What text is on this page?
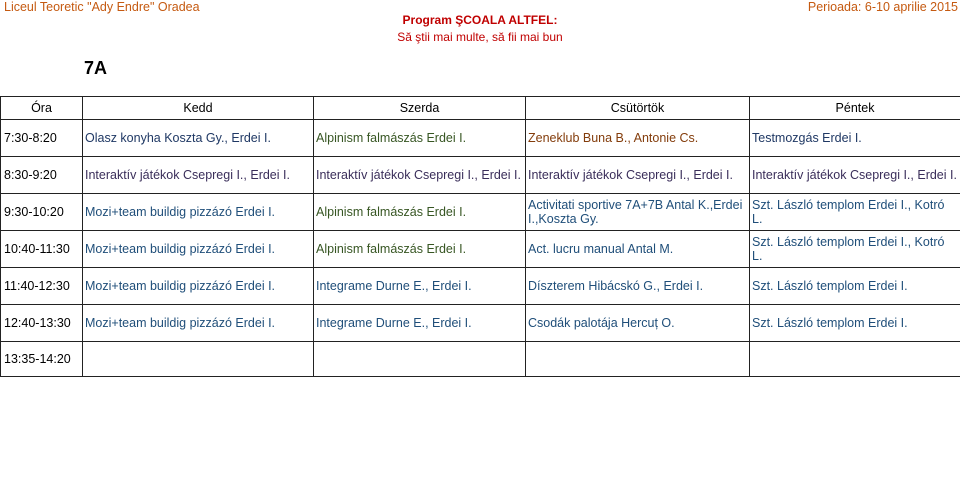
Liceul Teoretic "Ady Endre" Oradea
Program ŞCOALA ALTFEL:
Să ştii mai multe, să fii mai bun
Perioada: 6-10 aprilie 2015
7A
Óra	Kedd	Szerda	Csütörtök	Péntek
7:30-8:20	Olasz konyha Koszta Gy., Erdei I.	Alpinism falmászás Erdei I.	Zeneklub Buna B., Antonie Cs.	Testmozgás Erdei I.
8:30-9:20	Interaktív játékok Csepregi I., Erdei I.	Interaktív játékok Csepregi I., Erdei I.	Interaktív játékok Csepregi I., Erdei I.	Interaktív játékok Csepregi I., Erdei I.
9:30-10:20	Mozi+team buildig pizzázó Erdei I.	Alpinism falmászás Erdei I.	Activitati sportive 7A+7B Antal K.,Erdei I.,Koszta Gy.	Szt. László templom Erdei I., Kotró L.
10:40-11:30	Mozi+team buildig pizzázó Erdei I.	Alpinism falmászás Erdei I.	Act. lucru manual Antal M.	Szt. László templom Erdei I., Kotró L.
11:40-12:30	Mozi+team buildig pizzázó Erdei I.	Integrame Durne E., Erdei I.	Díszterem Hibácskó G., Erdei I.	Szt. László templom Erdei I.
12:40-13:30	Mozi+team buildig pizzázó Erdei I.	Integrame Durne E., Erdei I.	Csodák palotája Hercuț O.	Szt. László templom Erdei I.
13:35-14:20				
